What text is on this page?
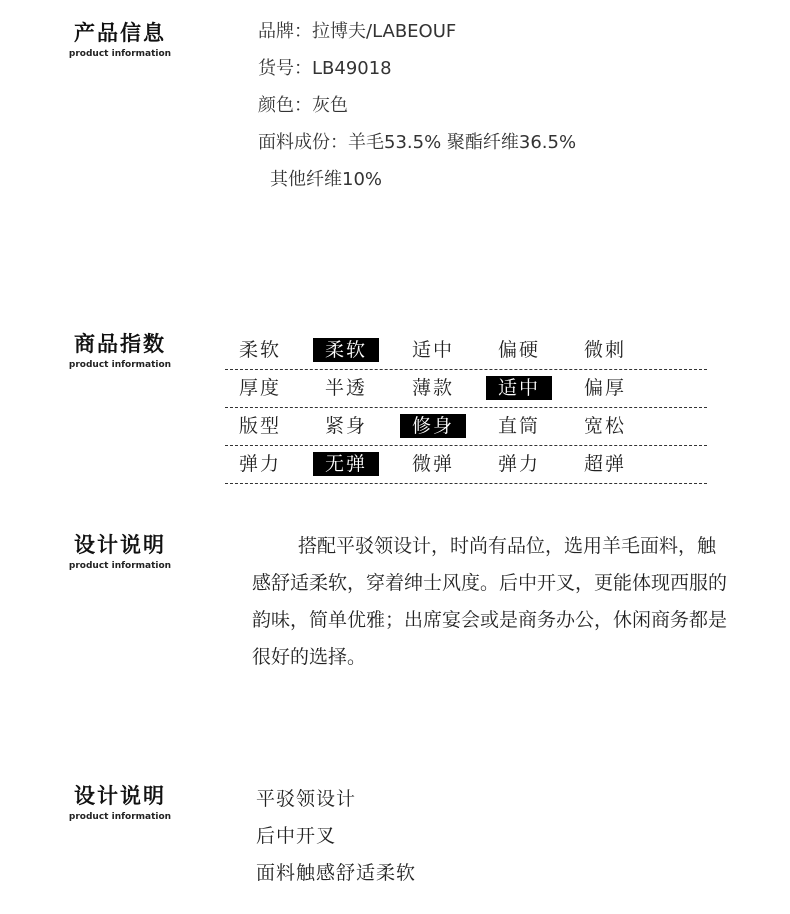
产品信息
product information
品牌：拉博夫/LABEOUF
货号：LB49018
颜色：灰色
面料成份：羊毛53.5% 聚酯纤维36.5%
其他纤维10%
商品指数
product information
柔软	柔软	适中	偏硬	微刺
厚度	半透	薄款	适中	偏厚
版型	紧身	修身	直筒	宽松
弹力	无弹	微弹	弹力	超弹
设计说明
product information
搭配平驳领设计，时尚有品位，选用羊毛面料，触感舒适柔软，穿着绅士风度。后中开叉，更能体现西服的韵味，简单优雅；出席宴会或是商务办公，休闲商务都是很好的选择。
设计说明
product information
平驳领设计
后中开叉
面料触感舒适柔软
